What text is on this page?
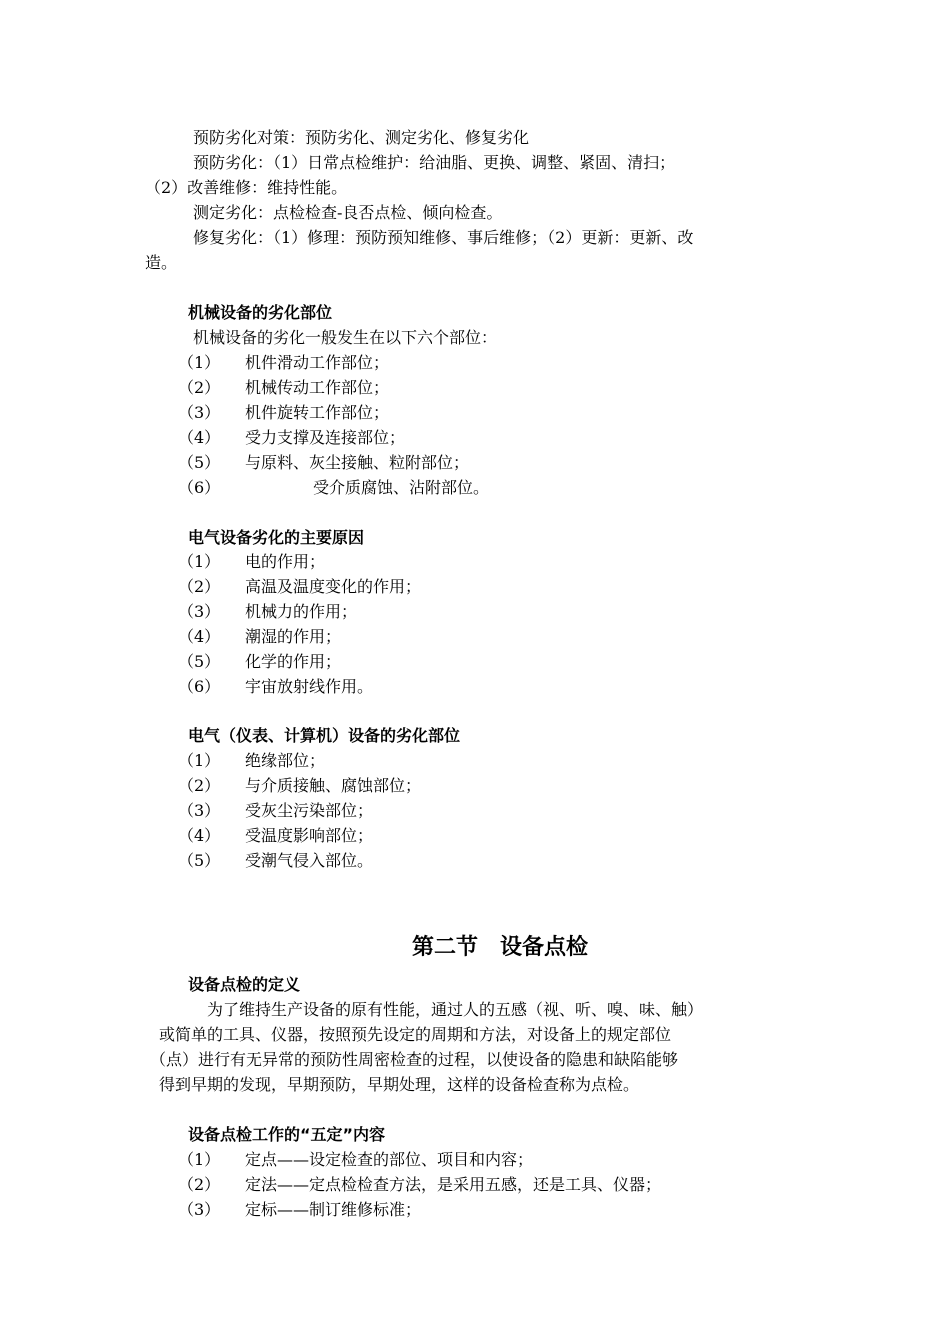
预防劣化对策：预防劣化、测定劣化、修复劣化
预防劣化：（1）日常点检维护：给油脂、更换、调整、紧固、清扫；
（2）改善维修：维持性能。
测定劣化：点检检查-良否点检、倾向检查。
修复劣化：（1）修理：预防预知维修、事后维修；（2）更新：更新、改
造。
机械设备的劣化部位
机械设备的劣化一般发生在以下六个部位：

（1）

机件滑动工作部位；

（2）

机械传动工作部位；

（3）

机件旋转工作部位；

（4）

受力支撑及连接部位；

（5）

与原料、灰尘接触、粒附部位；

（6）

	受介质腐蚀、沾附部位。

电气设备劣化的主要原因

（1）

电的作用；

（2）

高温及温度变化的作用；

（3）

机械力的作用；

（4）

潮湿的作用；

（5）

化学的作用；

（6）

宇宙放射线作用。

电气（仪表、计算机）设备的劣化部位

（1）

绝缘部位；

（2）

与介质接触、腐蚀部位；

（3）

受灰尘污染部位；

（4）

受温度影响部位；

（5）

受潮气侵入部位。

第二节　设备点检
设备点检的定义
为了维持生产设备的原有性能，通过人的五感（视、听、嗅、味、触）
或简单的工具、仪器，按照预先设定的周期和方法，对设备上的规定部位
（点）进行有无异常的预防性周密检查的过程，以使设备的隐患和缺陷能够
得到早期的发现，早期预防，早期处理，这样的设备检查称为点检。
设备点检工作的“五定”内容

（1）

定点——设定检查的部位、项目和内容；

（2）

定法——定点检检查方法，是采用五感，还是工具、仪器；

（3）

定标——制订维修标准；
